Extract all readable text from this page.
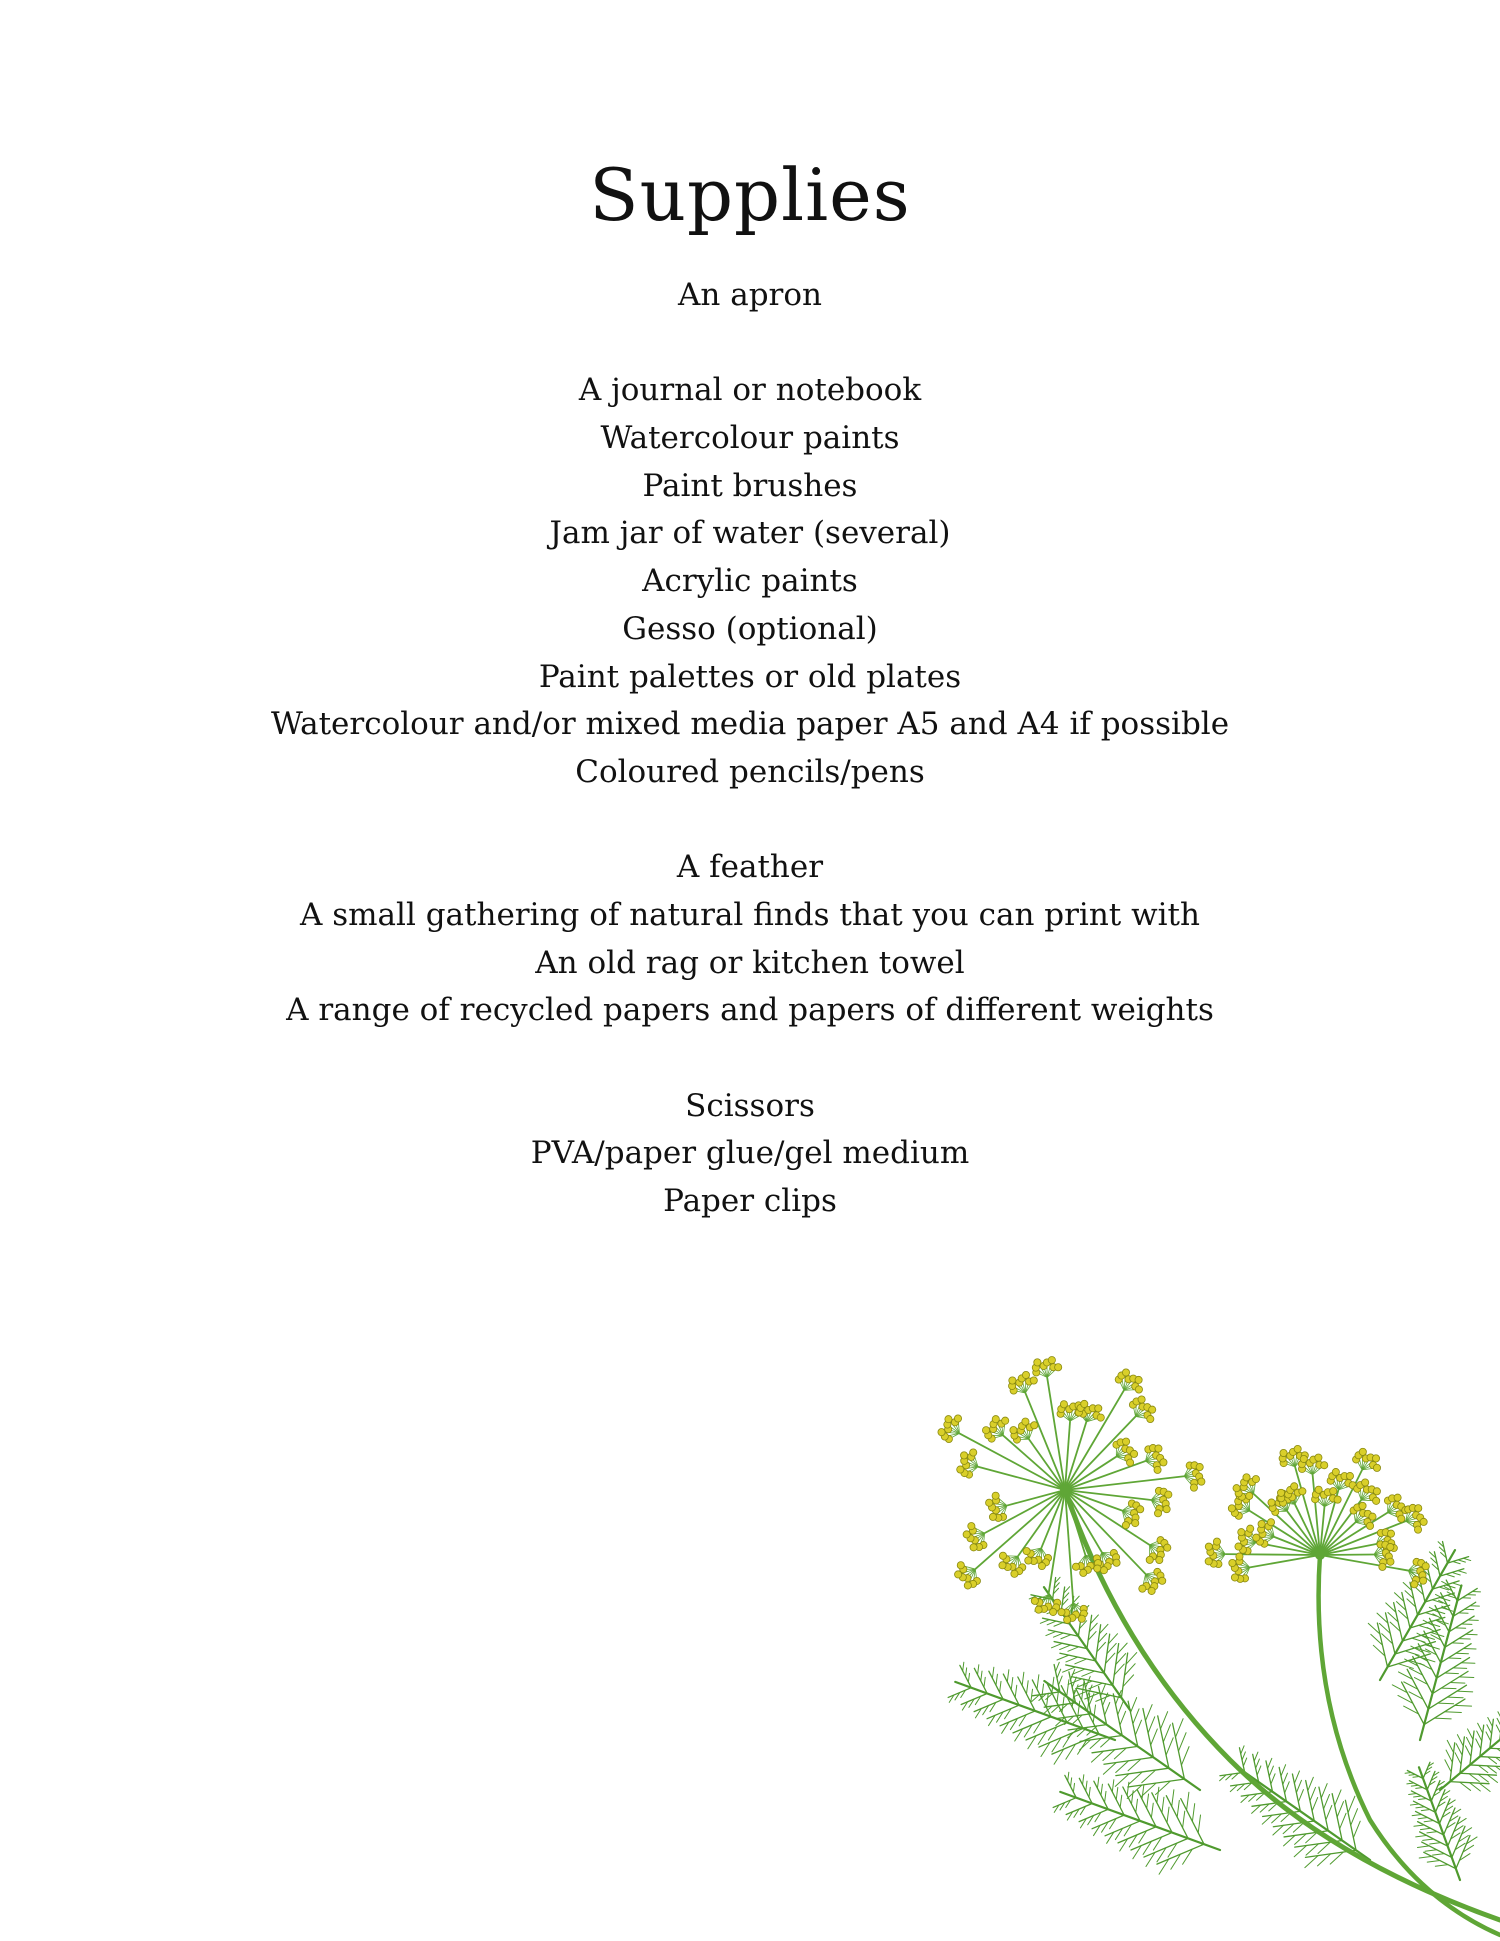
Supplies
An apron
A journal or notebook
Watercolour paints
Paint brushes
Jam jar of water (several)
Acrylic paints
Gesso (optional)
Paint palettes or old plates
Watercolour and/or mixed media paper A5 and A4 if possible
Coloured pencils/pens
A feather
A small gathering of natural finds that you can print with
An old rag or kitchen towel
A range of recycled papers and papers of different weights
Scissors
PVA/paper glue/gel medium
Paper clips
